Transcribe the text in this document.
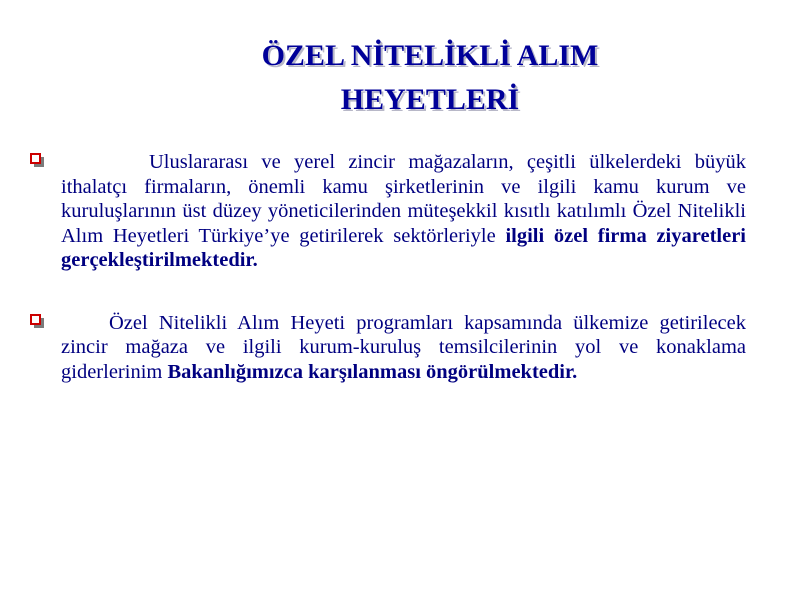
ÖZEL NİTELİKLİ ALIM
HEYETLERİ

Uluslararası ve yerel zincir mağazaların, çeşitli ülkelerdeki büyük ithalatçı firmaların, önemli kamu şirketlerinin ve ilgili kamu kurum ve kuruluşlarının üst düzey yöneticilerinden müteşekkil kısıtlı katılımlı Özel Nitelikli Alım Heyetleri Türkiye’ye getirilerek sektörleriyle ilgili özel firma ziyaretleri gerçekleştirilmektedir.

Özel Nitelikli Alım Heyeti programları kapsamında ülkemize getirilecek zincir mağaza ve ilgili kurum-kuruluş temsilcilerinin yol ve konaklama giderlerinim Bakanlığımızca karşılanması öngörülmektedir.
